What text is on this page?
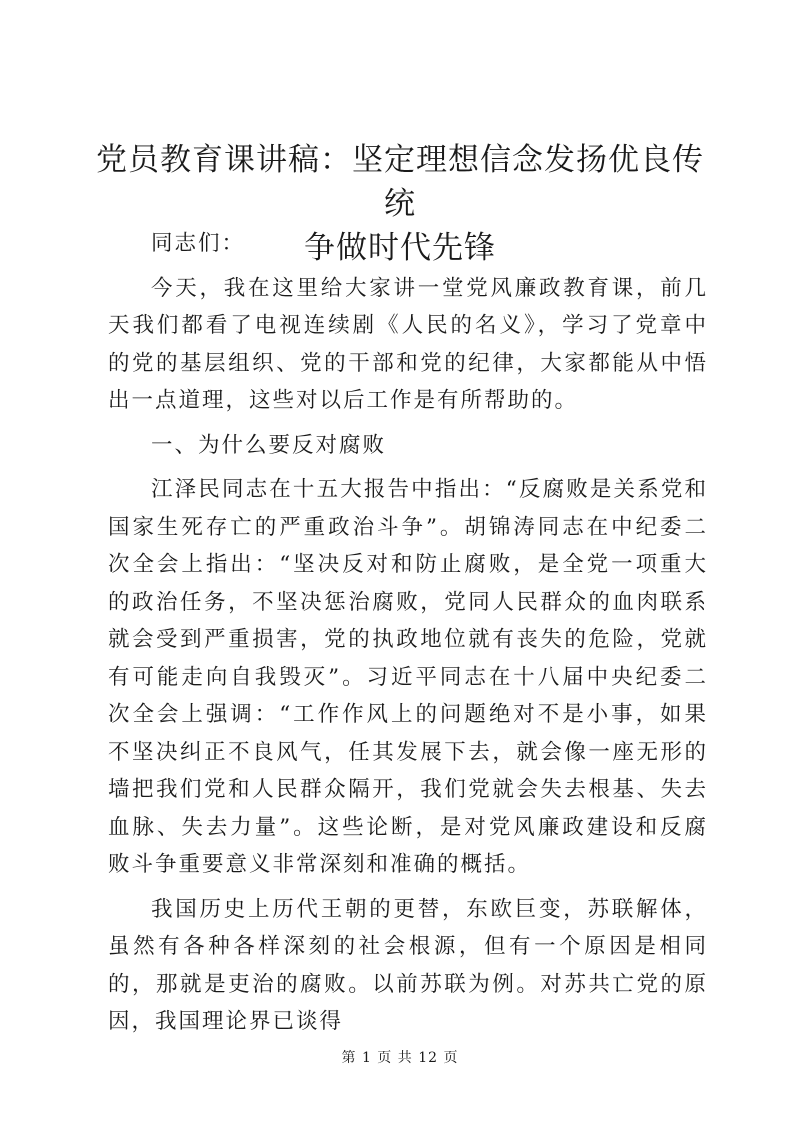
党员教育课讲稿：坚定理想信念发扬优良传统
争做时代先锋

同志们：

今天，我在这里给大家讲一堂党风廉政教育课，前几天我们都看了电视连续剧《人民的名义》，学习了党章中的党的基层组织、党的干部和党的纪律，大家都能从中悟出一点道理，这些对以后工作是有所帮助的。

一、为什么要反对腐败

江泽民同志在十五大报告中指出：“反腐败是关系党和国家生死存亡的严重政治斗争”。胡锦涛同志在中纪委二次全会上指出：“坚决反对和防止腐败，是全党一项重大的政治任务，不坚决惩治腐败，党同人民群众的血肉联系就会受到严重损害，党的执政地位就有丧失的危险，党就有可能走向自我毁灭”。习近平同志在十八届中央纪委二次全会上强调：“工作作风上的问题绝对不是小事，如果不坚决纠正不良风气，任其发展下去，就会像一座无形的墙把我们党和人民群众隔开，我们党就会失去根基、失去血脉、失去力量”。这些论断，是对党风廉政建设和反腐败斗争重要意义非常深刻和准确的概括。

我国历史上历代王朝的更替，东欧巨变，苏联解体，虽然有各种各样深刻的社会根源，但有一个原因是相同的，那就是吏治的腐败。以前苏联为例。对苏共亡党的原因，我国理论界已谈得

第 1 页 共 12 页
